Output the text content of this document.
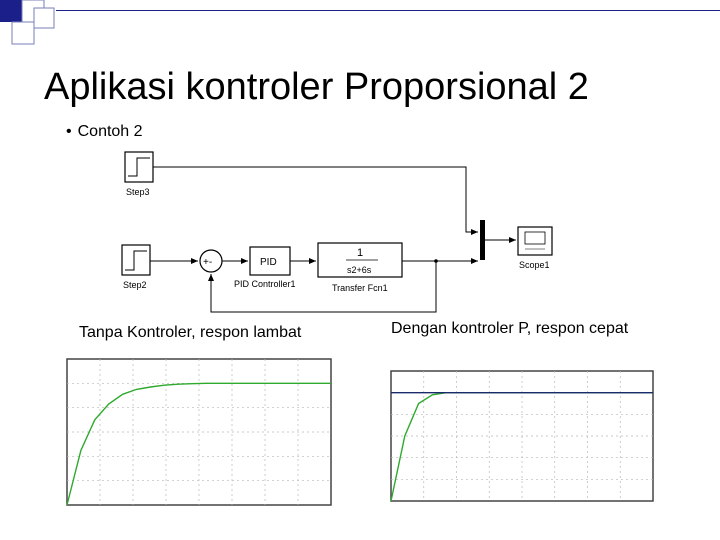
Aplikasi kontroler Proporsional 2
• Contoh 2
Step3
Step2
+-	PID
PID Controller1
1
s2+6s
Transfer Fcn1
Scope1
Tanpa Kontroler, respon lambat	Dengan kontroler P, respon cepat
